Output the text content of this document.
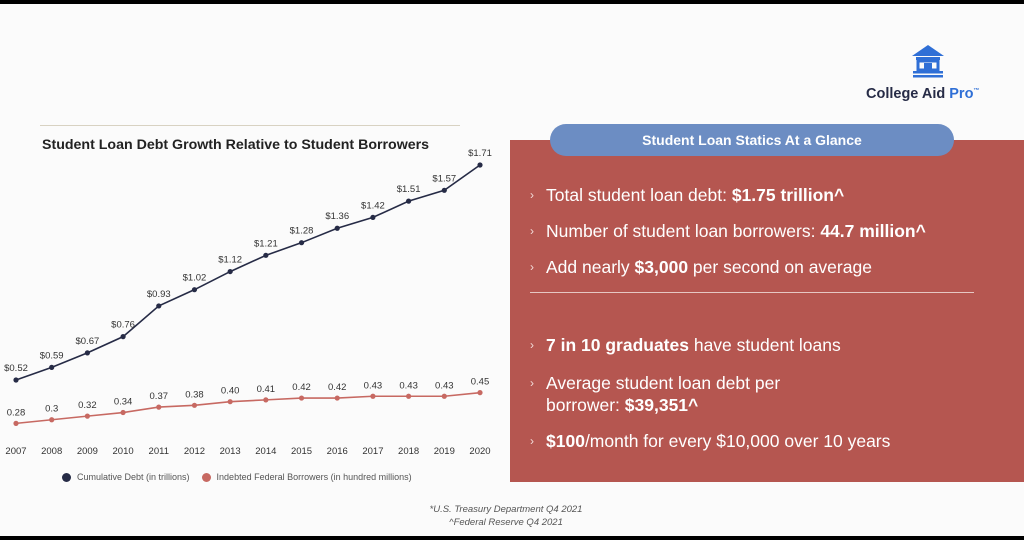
College Aid Pro™
Student Loan Debt Growth Relative to Student Borrowers
$0.52
$0.59
$0.67
$0.76
$0.93
$1.02
$1.12
$1.21
$1.28
$1.36
$1.42
$1.51
$1.57
$1.71
0.28 0.3 0.32 0.34 0.37 0.38 0.40 0.41 0.42 0.42 0.43 0.43 0.43 0.45
2007 2008 2009 2010 2011 2012 2013 2014 2015 2016 2017 2018 2019 2020
Cumulative Debt (in trillions)	Indebted Federal Borrowers (in hundred millions)
› Total student loan debt: $1.75 trillion^
› Number of student loan borrowers: 44.7 million^
› Add nearly $3,000 per second on average
› 7 in 10 graduates have student loans
› Average student loan debt per
borrower: $39,351^
› $100/month for every $10,000 over 10 years
Student Loan Statics At a Glance
*U.S. Treasury Department Q4 2021
^Federal Reserve Q4 2021
